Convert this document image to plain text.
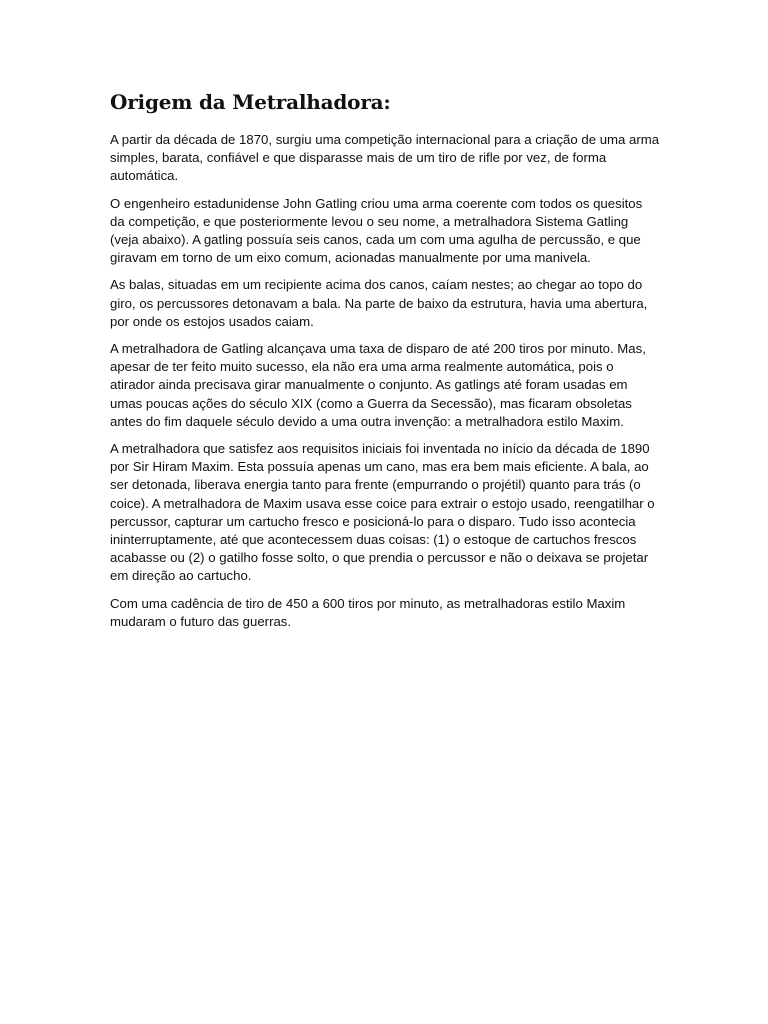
Origem da Metralhadora:

A partir da década de 1870, surgiu uma competição internacional para a criação de uma arma simples, barata, confiável e que disparasse mais de um tiro de rifle por vez, de forma automática.

O engenheiro estadunidense John Gatling criou uma arma coerente com todos os quesitos da competição, e que posteriormente levou o seu nome, a metralhadora Sistema Gatling (veja abaixo). A gatling possuía seis canos, cada um com uma agulha de percussão, e que giravam em torno de um eixo comum, acionadas manualmente por uma manivela.

As balas, situadas em um recipiente acima dos canos, caíam nestes; ao chegar ao topo do giro, os percussores detonavam a bala. Na parte de baixo da estrutura, havia uma abertura, por onde os estojos usados caiam.

A metralhadora de Gatling alcançava uma taxa de disparo de até 200 tiros por minuto. Mas, apesar de ter feito muito sucesso, ela não era uma arma realmente automática, pois o atirador ainda precisava girar manualmente o conjunto. As gatlings até foram usadas em umas poucas ações do século XIX (como a Guerra da Secessão), mas ficaram obsoletas antes do fim daquele século devido a uma outra invenção: a metralhadora estilo Maxim.

A metralhadora que satisfez aos requisitos iniciais foi inventada no início da década de 1890 por Sir Hiram Maxim. Esta possuía apenas um cano, mas era bem mais eficiente. A bala, ao ser detonada, liberava energia tanto para frente (empurrando o projétil) quanto para trás (o coice). A metralhadora de Maxim usava esse coice para extrair o estojo usado, reengatilhar o percussor, capturar um cartucho fresco e posicioná-lo para o disparo. Tudo isso acontecia ininterruptamente, até que acontecessem duas coisas: (1) o estoque de cartuchos frescos acabasse ou (2) o gatilho fosse solto, o que prendia o percussor e não o deixava se projetar em direção ao cartucho.

Com uma cadência de tiro de 450 a 600 tiros por minuto, as metralhadoras estilo Maxim mudaram o futuro das guerras.
